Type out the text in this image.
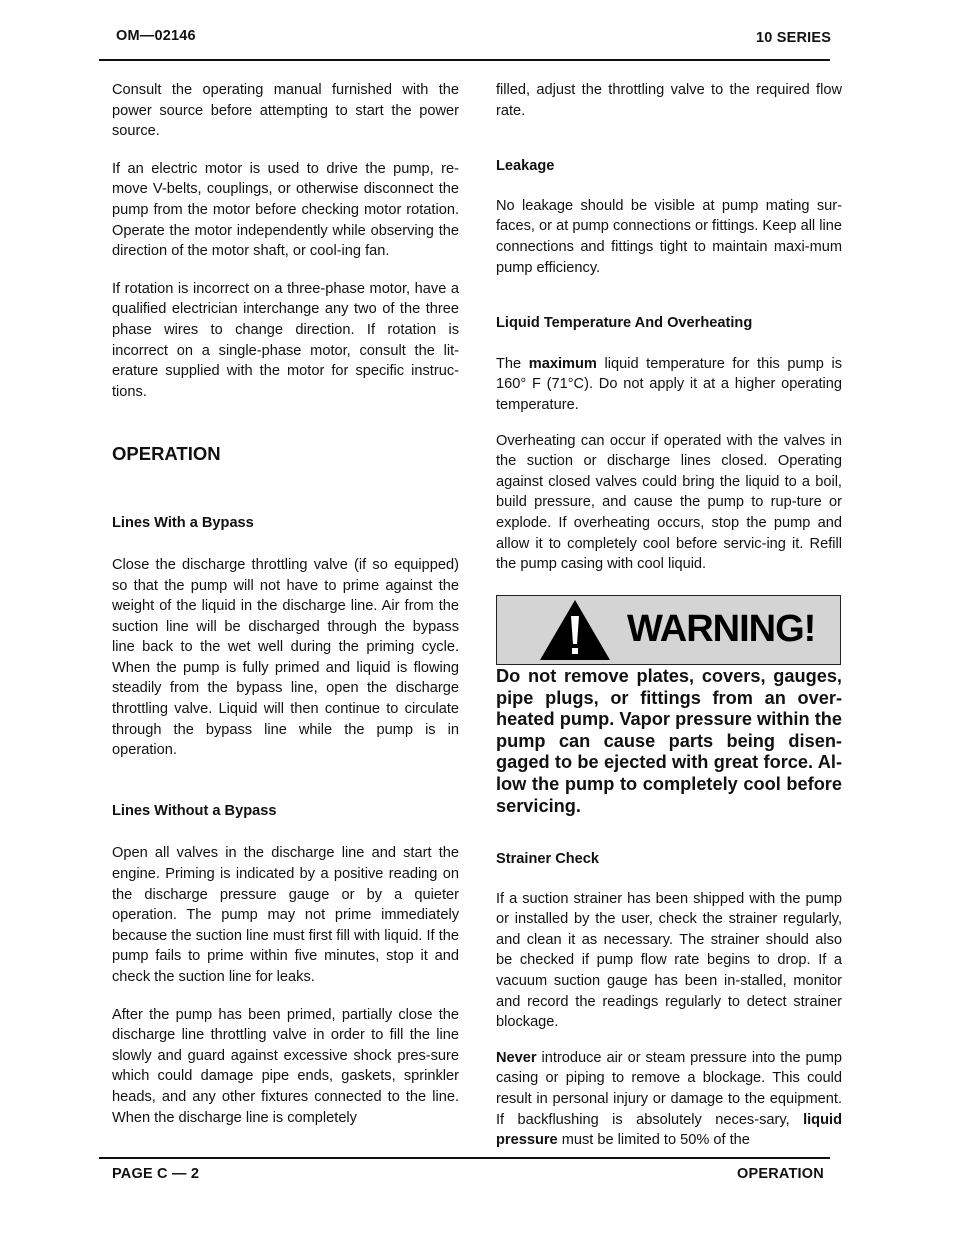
OM—02146	10 SERIES

Consult the operating manual furnished with the power source before attempting to start the power source.

If an electric motor is used to drive the pump, re-move V-belts, couplings, or otherwise disconnect the pump from the motor before checking motor rotation. Operate the motor independently while observing the direction of the motor shaft, or cool-ing fan.

If rotation is incorrect on a three-phase motor, have a qualified electrician interchange any two of the three phase wires to change direction. If rotation is incorrect on a single-phase motor, consult the lit-erature supplied with the motor for specific instruc-tions.

OPERATION
Lines With a Bypass

Close the discharge throttling valve (if so equipped) so that the pump will not have to prime against the weight of the liquid in the discharge line. Air from the suction line will be discharged through the bypass line back to the wet well during the priming cycle. When the pump is fully primed and liquid is flowing steadily from the bypass line, open the discharge throttling valve. Liquid will then continue to circulate through the bypass line while the pump is in operation.

Lines Without a Bypass

Open all valves in the discharge line and start the engine. Priming is indicated by a positive reading on the discharge pressure gauge or by a quieter operation. The pump may not prime immediately because the suction line must first fill with liquid. If the pump fails to prime within five minutes, stop it and check the suction line for leaks.

After the pump has been primed, partially close the discharge line throttling valve in order to fill the line slowly and guard against excessive shock pres-sure which could damage pipe ends, gaskets, sprinkler heads, and any other fixtures connected to the line. When the discharge line is completely

filled, adjust the throttling valve to the required flow rate.

Leakage

No leakage should be visible at pump mating sur-faces, or at pump connections or fittings. Keep all line connections and fittings tight to maintain maxi-mum pump efficiency.

Liquid Temperature And Overheating

The maximum liquid temperature for this pump is 160° F (71°C). Do not apply it at a higher operating temperature.

Overheating can occur if operated with the valves in the suction or discharge lines closed. Operating against closed valves could bring the liquid to a boil, build pressure, and cause the pump to rup-ture or explode. If overheating occurs, stop the pump and allow it to completely cool before servic-ing it. Refill the pump casing with cool liquid.

WARNING!

Do not remove plates, covers, gauges, pipe plugs, or fittings from an over-heated pump. Vapor pressure within the pump can cause parts being disen-gaged to be ejected with great force. Al-low the pump to completely cool before servicing.

Strainer Check

If a suction strainer has been shipped with the pump or installed by the user, check the strainer regularly, and clean it as necessary. The strainer should also be checked if pump flow rate begins to drop. If a vacuum suction gauge has been in-stalled, monitor and record the readings regularly to detect strainer blockage.

Never introduce air or steam pressure into the pump casing or piping to remove a blockage. This could result in personal injury or damage to the equipment. If backflushing is absolutely neces-sary, liquid pressure must be limited to 50% of the

PAGE C — 2	OPERATION
